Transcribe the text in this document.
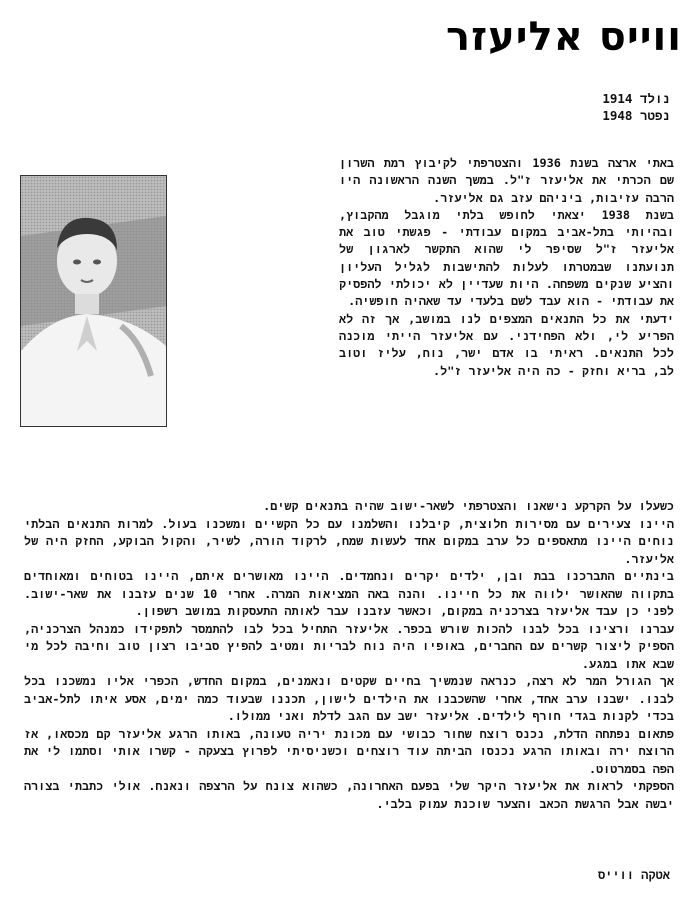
ווייס אליעזר
נולד 1914
נפטר 1948

באתי ארצה בשנת 1936 והצטרפתי לקיבוץ רמת השרון שם הכרתי את אליעזר ז"ל. במשך השנה הראשונה היו הרבה עזיבות, ביניהם עזב גם אליעזר.

בשנת 1938 יצאתי לחופש בלתי מוגבל מהקבוץ, ובהיותי בתל-אביב במקום עבודתי - פגשתי טוב את אליעזר ז"ל שסיפר לי שהוא התקשר לארגון של תנועתנו שבמטרתו לעלות להתישבות לגליל העליון והציע שנקים משפחה. היות שעדיין לא יכולתי להפסיק את עבודתי - הוא עבד לשם בלעדי עד שאהיה חופשיה.

ידעתי את כל התנאים המצפים לנו במושב, אך זה לא הפריע לי, ולא הפחידני. עם אליעזר הייתי מוכנה לכל התנאים. ראיתי בו אדם ישר, נוח, עליז וטוב לב, בריא וחזק - כה היה אליעזר ז"ל.

כשעלו על הקרקע נישאנו והצטרפתי לשאר-ישוב שהיה בתנאים קשים.

היינו צעירים עם מסירות חלוצית, קיבלנו והשלמנו עם כל הקשיים ומשכנו בעול. למרות התנאים הבלתי נוחים היינו מתאספים כל ערב במקום אחד לעשות שמח, לרקוד הורה, לשיר, והקול הבוקע, החזק היה של אליעזר.

בינתיים התברכנו בבת ובן, ילדים יקרים ונחמדים. היינו מאושרים איתם, היינו בטוחים ומאוחדים בתקווה שהאושר ילווה את כל חיינו. והנה באה המציאות המרה. אחרי 10 שנים עזבנו את שאר-ישוב. לפני כן עבד אליעזר בצרכניה במקום, וכאשר עזבנו עבר לאותה התעסקות במושב רשפון.

עברנו ורצינו בכל לבנו להכות שורש בכפר. אליעזר התחיל בכל לבו להתמסר לתפקידו כמנהל הצרכניה, הספיק ליצור קשרים עם החברים, באופיו היה נוח לבריות ומטיב להפיץ סביבו רצון טוב וחיבה לכל מי שבא אתו במגע.

אך הגורל המר לא רצה, כנראה שנמשיך בחיים שקטים ונאמנים, במקום החדש, הכפרי אליו נמשכנו בכל לבנו. ישבנו ערב אחד, אחרי שהשכבנו את הילדים לישון, תכננו שבעוד כמה ימים, אסע איתו לתל-אביב בכדי לקנות בגדי חורף לילדים. אליעזר ישב עם הגב לדלת ואני ממולו.

פתאום נפתחה הדלת, נכנס רוצח שחור כבושי עם מכונת יריה טעונה, באותו הרגע אליעזר קם מכסאו, אז הרוצח ירה ובאותו הרגע נכנסו הביתה עוד רוצחים וכשניסיתי לפרוץ בצעקה - קשרו אותי וסתמו לי את הפה בסמרטוט.

הספקתי לראות את אליעזר היקר שלי בפעם האחרונה, כשהוא צונח על הרצפה ונאנח. אולי כתבתי בצורה יבשה אבל הרגשת הכאב והצער שוכנת עמוק בלבי.

אטקה ווייס
